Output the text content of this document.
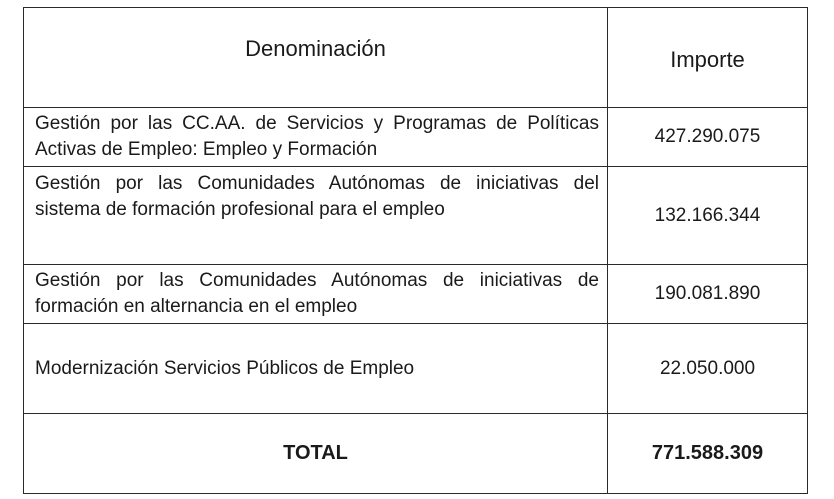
Denominación	Importe
Gestión por las CC.AA. de Servicios y Programas de Políticas Activas de Empleo: Empleo y Formación	427.290.075
Gestión por las Comunidades Autónomas de iniciativas del sistema de formación profesional para el empleo	132.166.344
Gestión por las Comunidades Autónomas de iniciativas de formación en alternancia en el empleo	190.081.890
Modernización Servicios Públicos de Empleo	22.050.000
TOTAL	771.588.309
